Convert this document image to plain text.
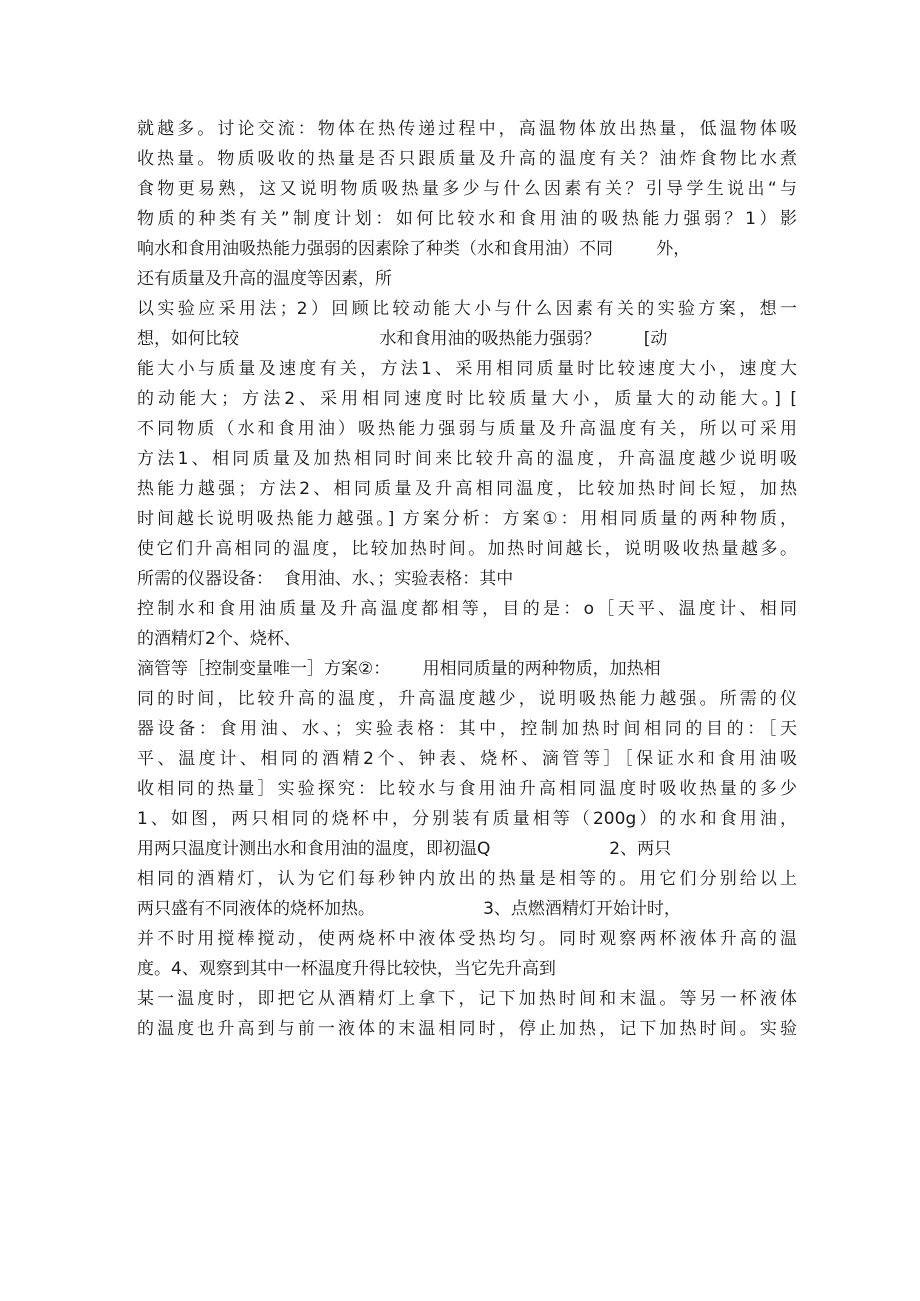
就越多。讨论交流：物体在热传递过程中，高温物体放出热量，低温物体吸
收热量。物质吸收的热量是否只跟质量及升高的温度有关？油炸食物比水煮
食物更易熟，这又说明物质吸热量多少与什么因素有关？引导学生说出“与
物质的种类有关”制度计划：如何比较水和食用油的吸热能力强弱？1）影
响水和食用油吸热能力强弱的因素除了种类（水和食用油）不同        外，
还有质量及升高的温度等因素，所
以实验应采用法；2）回顾比较动能大小与什么因素有关的实验方案，想一
想，如何比较                          水和食用油的吸热能力强弱？        [动
能大小与质量及速度有关，方法1、采用相同质量时比较速度大小，速度大
的动能大；方法2、采用相同速度时比较质量大小，质量大的动能大。] [
不同物质（水和食用油）吸热能力强弱与质量及升高温度有关，所以可采用
方法1、相同质量及加热相同时间来比较升高的温度，升高温度越少说明吸
热能力越强；方法2、相同质量及升高相同温度，比较加热时间长短，加热
时间越长说明吸热能力越强。] 方案分析：方案①：用相同质量的两种物质，
使它们升高相同的温度，比较加热时间。加热时间越长，说明吸收热量越多。
所需的仪器设备：  食用油、水、；实验表格：其中
控制水和食用油质量及升高温度都相等，目的是：o［天平、温度计、相同
的酒精灯2个、烧杯、
滴管等［控制变量唯一］方案②：      用相同质量的两种物质，加热相
同的时间，比较升高的温度，升高温度越少，说明吸热能力越强。所需的仪
器设备：食用油、水、；实验表格：其中，控制加热时间相同的目的：［天
平、温度计、相同的酒精2个、钟表、烧杯、滴管等］［保证水和食用油吸
收相同的热量］实验探究：比较水与食用油升高相同温度时吸收热量的多少
1、如图，两只相同的烧杯中，分别装有质量相等（200g）的水和食用油，
用两只温度计测出水和食用油的温度，即初温Q                      2、两只
相同的酒精灯，认为它们每秒钟内放出的热量是相等的。用它们分别给以上
两只盛有不同液体的烧杯加热。                    3、点燃酒精灯开始计时，
并不时用搅棒搅动，使两烧杯中液体受热均匀。同时观察两杯液体升高的温
度。4、观察到其中一杯温度升得比较快，当它先升高到
某一温度时，即把它从酒精灯上拿下，记下加热时间和末温。等另一杯液体
的温度也升高到与前一液体的末温相同时，停止加热，记下加热时间。实验
